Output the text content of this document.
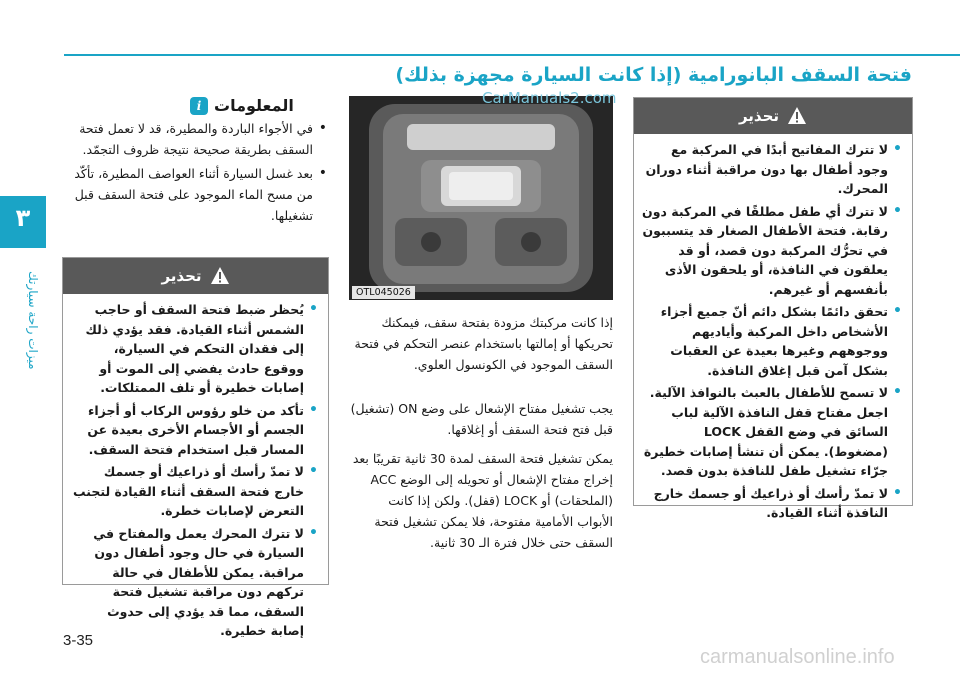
٣
ميزات راحة سيارتك
فتحة السقف البانورامية (إذا كانت السيارة مجهزة بذلك)
تحذير
• لا تترك المفاتيح أبدًا في المركبة مع وجود أطفال بها دون مراقبة أثناء دوران المحرك.
• لا تترك أي طفل مطلقًا في المركبة دون رقابة. فتحة الأطفال الصغار قد يتسببون في تحرُّك المركبة دون قصد، أو قد يعلقون في النافذة، أو يلحقون الأذى بأنفسهم أو غيرهم.
• تحقق دائمًا بشكل دائم أنّ جميع أجزاء الأشخاص داخل المركبة وأياديهم ووجوههم وغيرها بعيدة عن العقبات بشكل آمن قبل إغلاق النافذة.
• لا تسمح للأطفال بالعبث بالنوافذ الآلية. اجعل مفتاح قفل النافذة الآلية لباب السائق في وضع القفل LOCK (مضغوط). يمكن أن تنشأ إصابات خطيرة جرّاء تشغيل طفل للنافذة بدون قصد.
• لا تمدّ رأسك أو ذراعيك أو جسمك خارج النافذة أثناء القيادة.
CarManuals2.com
OTL045026
إذا كانت مركبتك مزودة بفتحة سقف، فيمكنك تحريكها أو إمالتها باستخدام عنصر التحكم في فتحة السقف الموجود في الكونسول العلوي.
يجب تشغيل مفتاح الإشعال على وضع ON (تشغيل) قبل فتح فتحة السقف أو إغلاقها.
يمكن تشغيل فتحة السقف لمدة 30 ثانية تقريبًا بعد إخراج مفتاح الإشعال أو تحويله إلى الوضع ACC (الملحقات) أو LOCK (قفل). ولكن إذا كانت الأبواب الأمامية مفتوحة، فلا يمكن تشغيل فتحة السقف حتى خلال فترة الـ 30 ثانية.
المعلومات
i
• في الأجواء الباردة والمطيرة، قد لا تعمل فتحة السقف بطريقة صحيحة نتيجة ظروف التجمّد.
• بعد غسل السيارة أثناء العواصف المطيرة، تأكّد من مسح الماء الموجود على فتحة السقف قبل تشغيلها.
تحذير
• يُحظر ضبط فتحة السقف أو حاجب الشمس أثناء القيادة. فقد يؤدي ذلك إلى فقدان التحكم في السيارة، ووقوع حادث يفضي إلى الموت أو إصابات خطيرة أو تلف الممتلكات.
• تأكد من خلو رؤوس الركاب أو أجزاء الجسم أو الأجسام الأخرى بعيدة عن المسار قبل استخدام فتحة السقف.
• لا تمدّ رأسك أو ذراعيك أو جسمك خارج فتحة السقف أثناء القيادة لتجنب التعرض لإصابات خطرة.
• لا تترك المحرك يعمل والمفتاح في السيارة في حال وجود أطفال دون مراقبة. يمكن للأطفال في حالة تركهم دون مراقبة تشغيل فتحة السقف، مما قد يؤدي إلى حدوث إصابة خطيرة.
3-35
carmanualsonline.info
